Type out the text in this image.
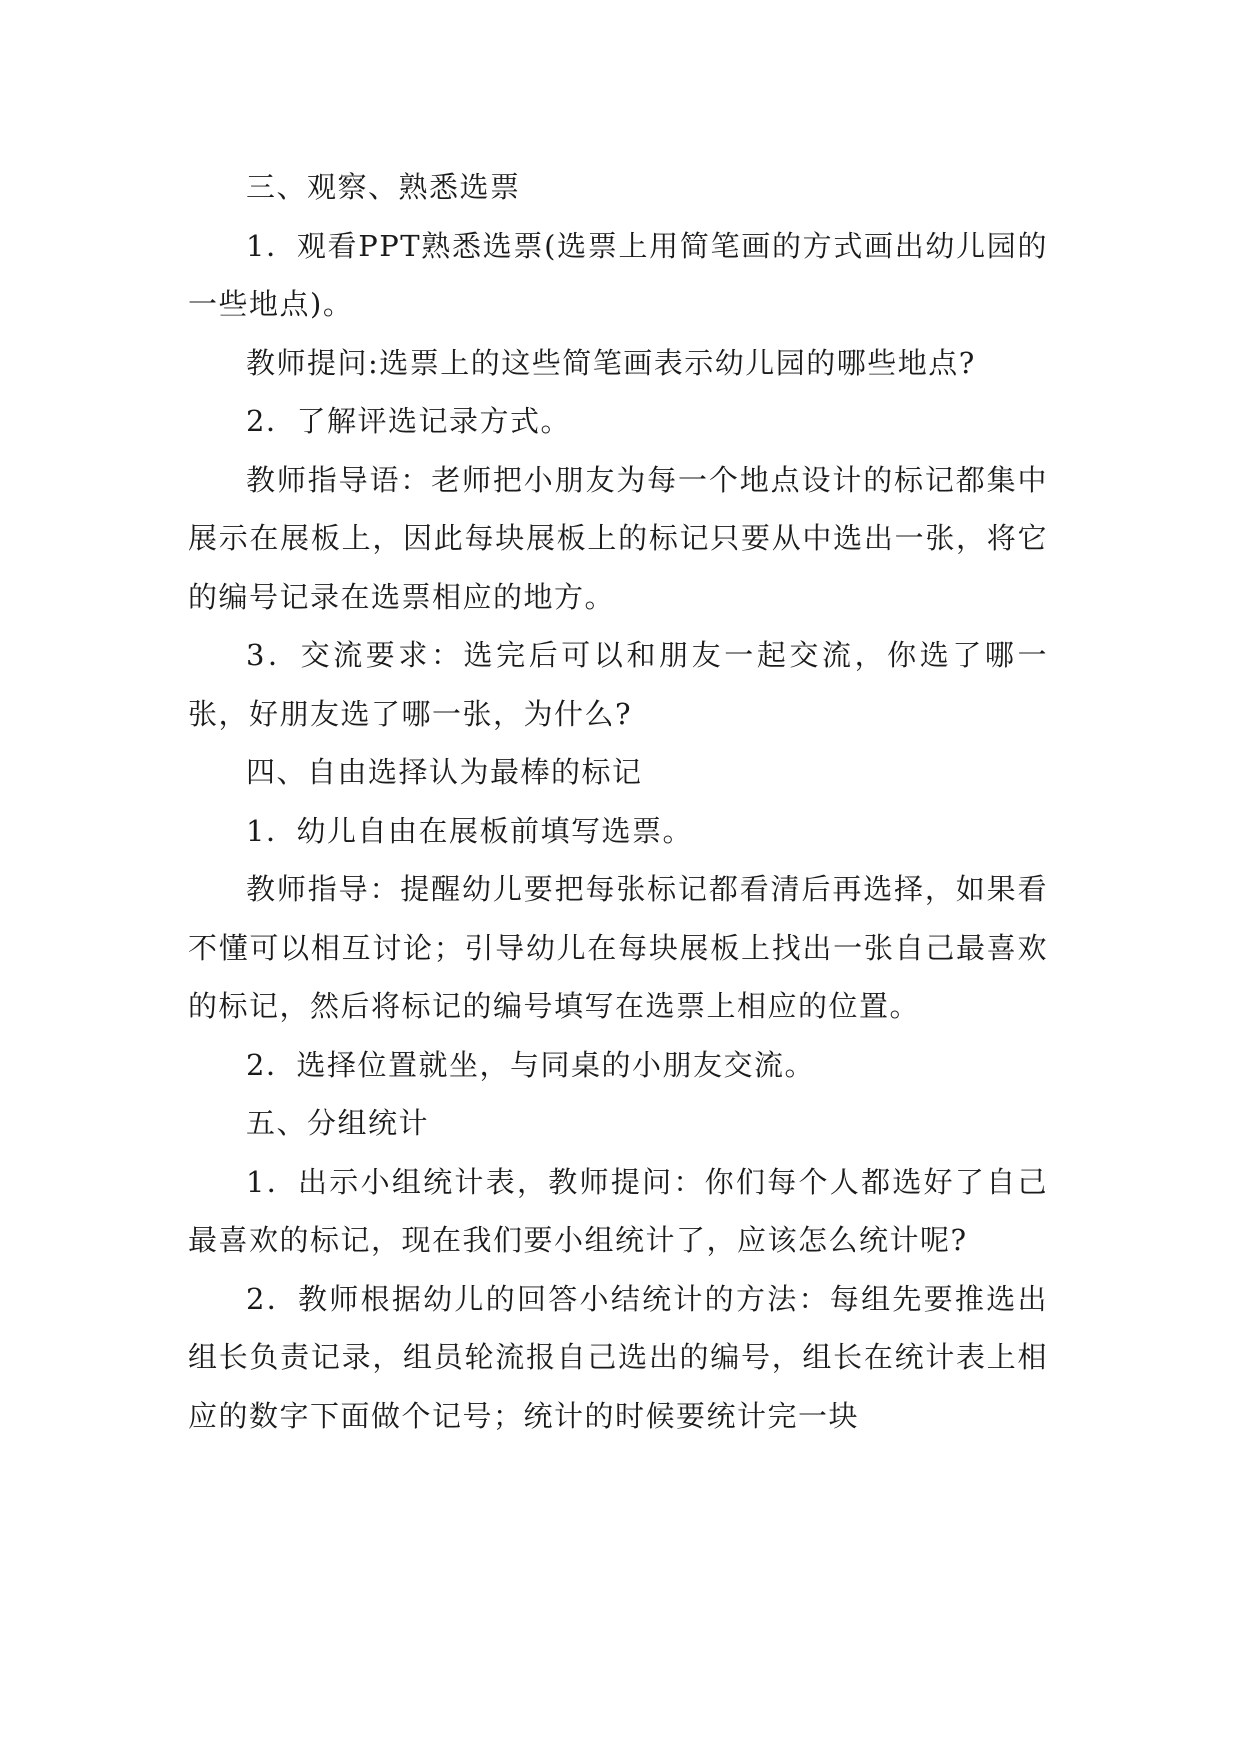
三、观察、熟悉选票

1．观看PPT熟悉选票(选票上用简笔画的方式画出幼儿园的一些地点)。

教师提问:选票上的这些简笔画表示幼儿园的哪些地点?

2．了解评选记录方式。

教师指导语：老师把小朋友为每一个地点设计的标记都集中展示在展板上，因此每块展板上的标记只要从中选出一张，将它的编号记录在选票相应的地方。

3．交流要求：选完后可以和朋友一起交流，你选了哪一张，好朋友选了哪一张，为什么?

四、自由选择认为最棒的标记

1．幼儿自由在展板前填写选票。

教师指导：提醒幼儿要把每张标记都看清后再选择，如果看不懂可以相互讨论；引导幼儿在每块展板上找出一张自己最喜欢的标记，然后将标记的编号填写在选票上相应的位置。

2．选择位置就坐，与同桌的小朋友交流。

五、分组统计

1．出示小组统计表，教师提问：你们每个人都选好了自己最喜欢的标记，现在我们要小组统计了，应该怎么统计呢?

2．教师根据幼儿的回答小结统计的方法：每组先要推选出组长负责记录，组员轮流报自己选出的编号，组长在统计表上相应的数字下面做个记号；统计的时候要统计完一块
